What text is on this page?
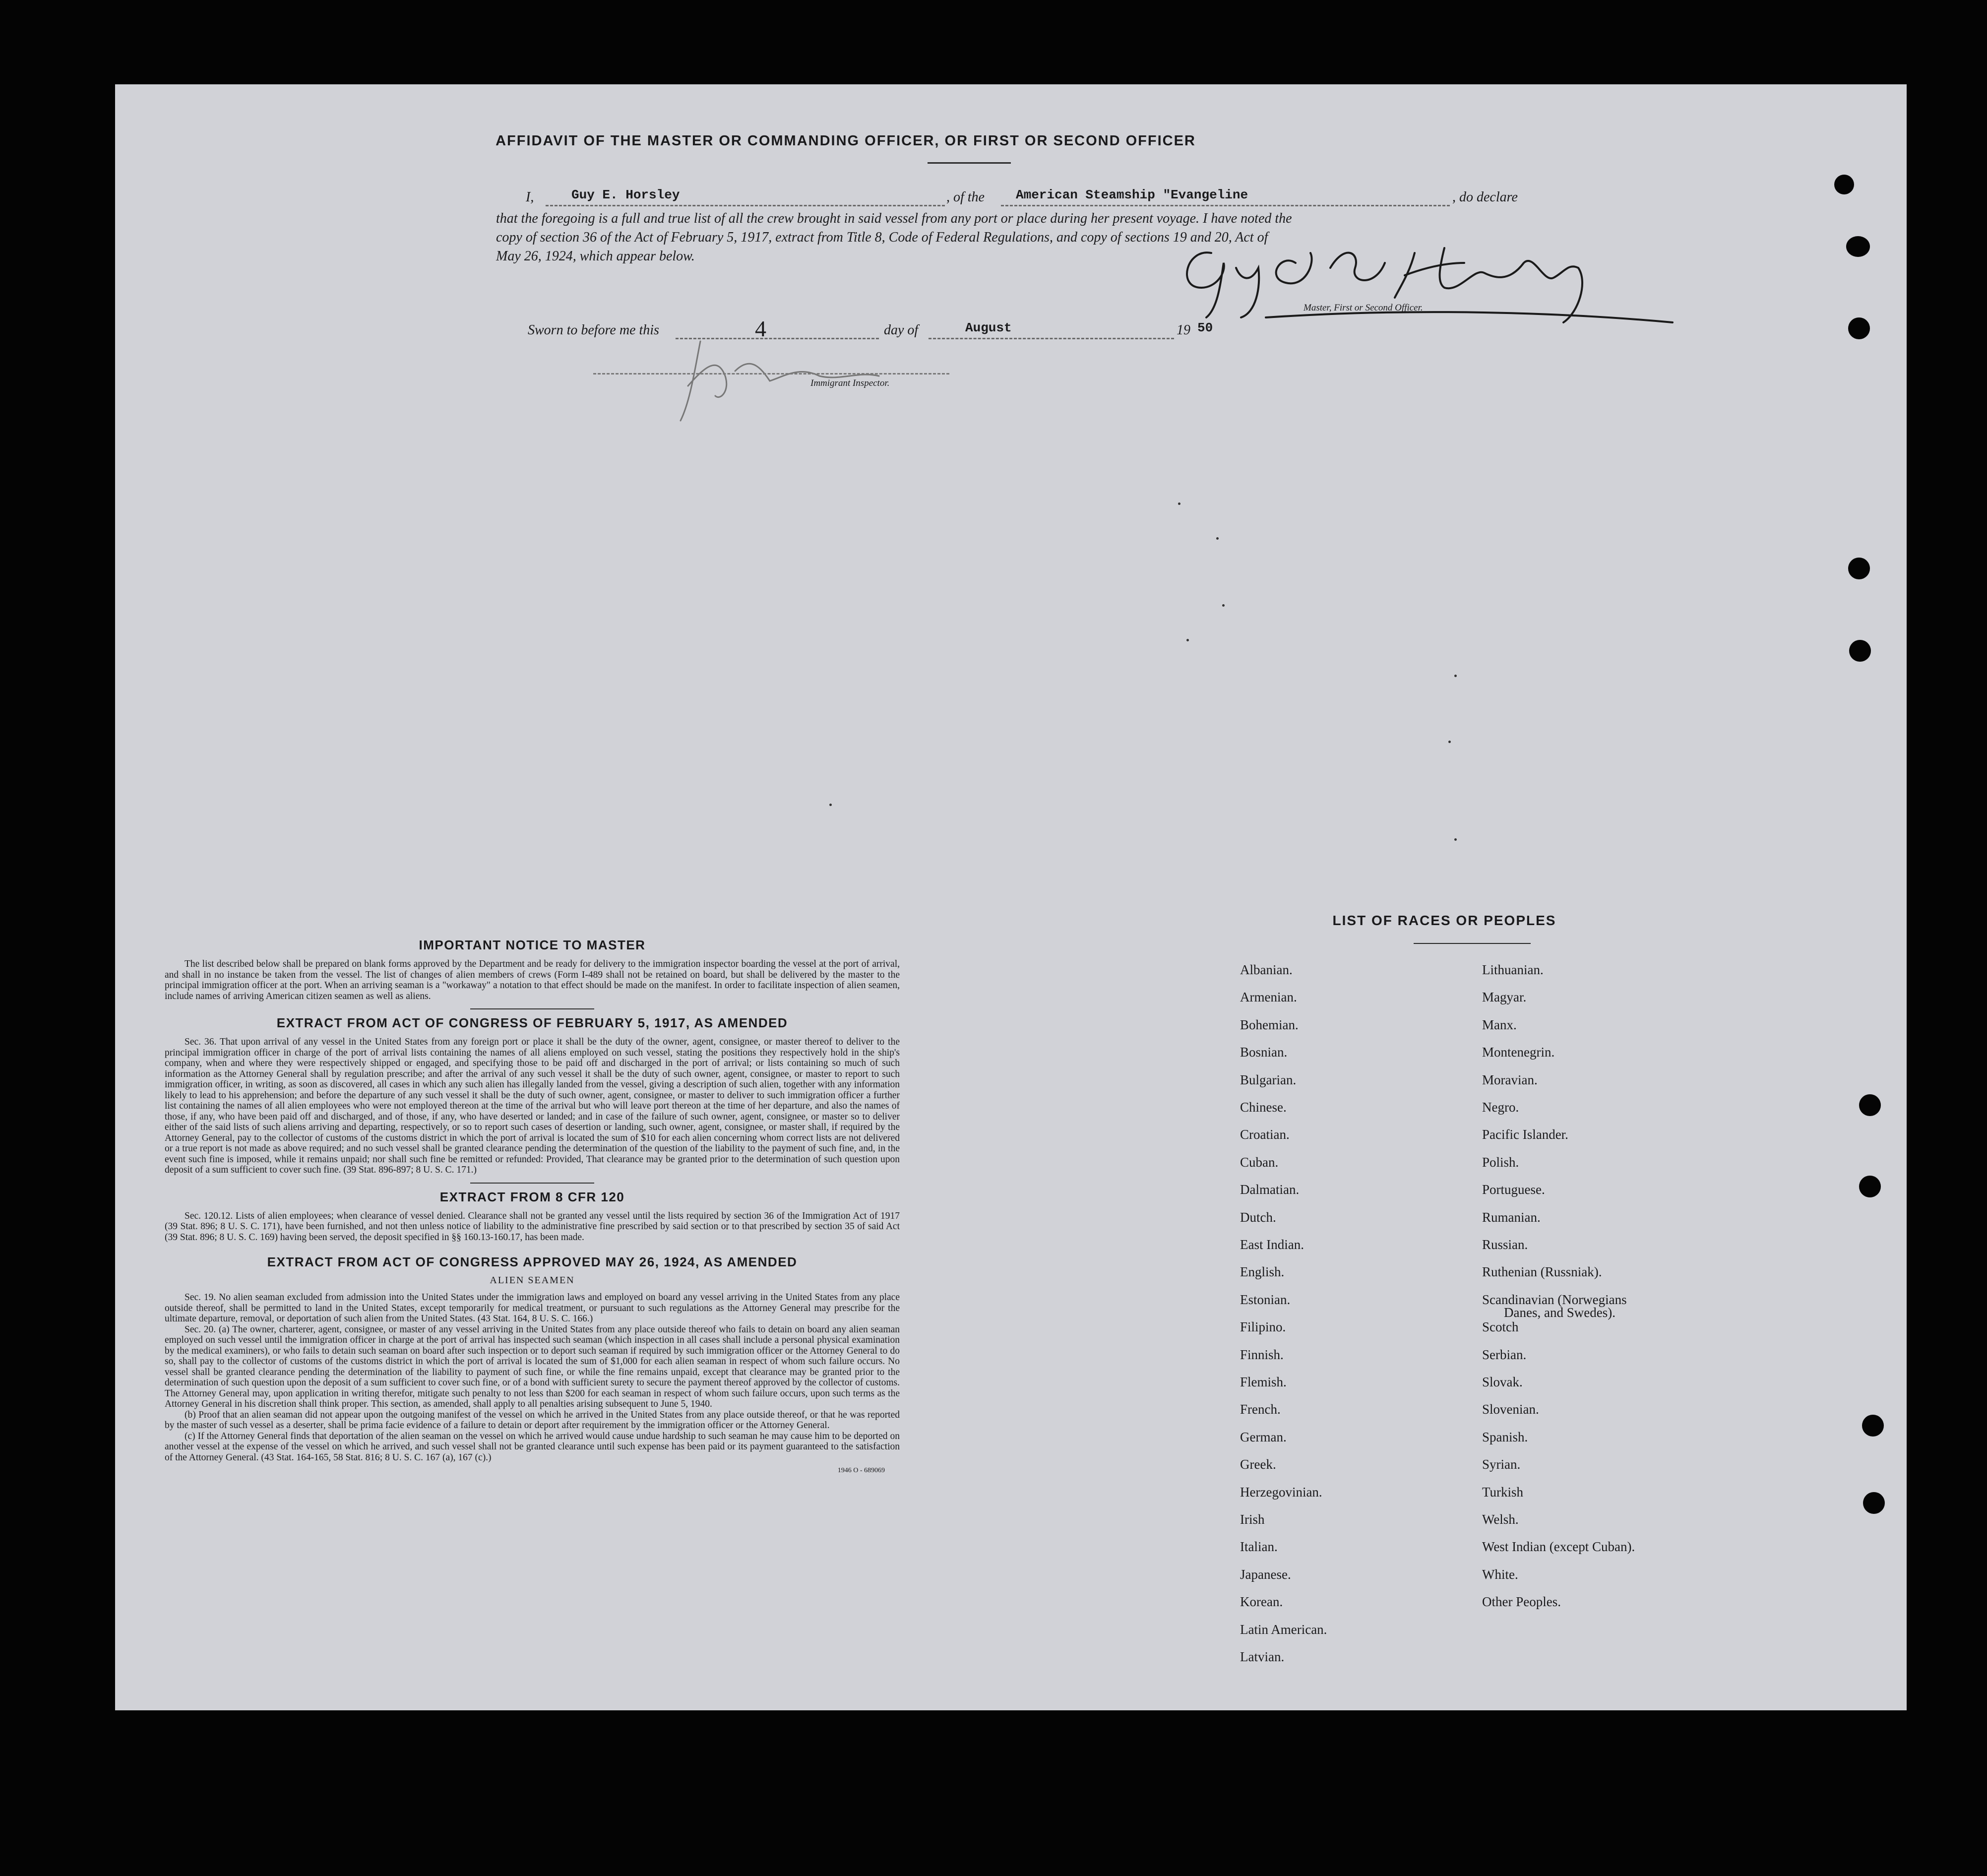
AFFIDAVIT OF THE MASTER OR COMMANDING OFFICER, OR FIRST OR SECOND OFFICER
I,	Guy E. Horsley	, of the American Steamship "Evangeline	, do declare
that the foregoing is a full and true list of all the crew brought in said vessel from any port or place during her present voyage. I have noted the
copy of section 36 of the Act of February 5, 1917, extract from Title 8, Code of Federal Regulations, and copy of sections 19 and 20, Act of
May 26, 1924, which appear below.
Master, First or Second Officer.
Sworn to before me this	4	day of	August	19 50
Immigrant Inspector.
IMPORTANT NOTICE TO MASTER
The list described below shall be prepared on blank forms approved by the Department and be ready for delivery to the immigration inspector boarding the vessel at the port of arrival, and shall in no instance be taken from the vessel. The list of changes of alien members of crews (Form I-489 shall not be retained on board, but shall be delivered by the master to the principal immigration officer at the port. When an arriving seaman is a "workaway" a notation to that effect should be made on the manifest. In order to facilitate inspection of alien seamen, include names of arriving American citizen seamen as well as aliens.
EXTRACT FROM ACT OF CONGRESS OF FEBRUARY 5, 1917, AS AMENDED
Sec. 36. That upon arrival of any vessel in the United States from any foreign port or place it shall be the duty of the owner, agent, consignee, or master thereof to deliver to the principal immigration officer in charge of the port of arrival lists containing the names of all aliens employed on such vessel, stating the positions they respectively hold in the ship's company, when and where they were respectively shipped or engaged, and specifying those to be paid off and discharged in the port of arrival; or lists containing so much of such information as the Attorney General shall by regulation prescribe; and after the arrival of any such vessel it shall be the duty of such owner, agent, consignee, or master to report to such immigration officer, in writing, as soon as discovered, all cases in which any such alien has illegally landed from the vessel, giving a description of such alien, together with any information likely to lead to his apprehension; and before the departure of any such vessel it shall be the duty of such owner, agent, consignee, or master to deliver to such immigration officer a further list containing the names of all alien employees who were not employed thereon at the time of the arrival but who will leave port thereon at the time of her departure, and also the names of those, if any, who have been paid off and discharged, and of those, if any, who have deserted or landed; and in case of the failure of such owner, agent, consignee, or master so to deliver either of the said lists of such aliens arriving and departing, respectively, or so to report such cases of desertion or landing, such owner, agent, consignee, or master shall, if required by the Attorney General, pay to the collector of customs of the customs district in which the port of arrival is located the sum of $10 for each alien concerning whom correct lists are not delivered or a true report is not made as above required; and no such vessel shall be granted clearance pending the determination of the question of the liability to the payment of such fine, and, in the event such fine is imposed, while it remains unpaid; nor shall such fine be remitted or refunded: Provided, That clearance may be granted prior to the determination of such question upon deposit of a sum sufficient to cover such fine. (39 Stat. 896-897; 8 U. S. C. 171.)
EXTRACT FROM 8 CFR 120
Sec. 120.12. Lists of alien employees; when clearance of vessel denied. Clearance shall not be granted any vessel until the lists required by section 36 of the Immigration Act of 1917 (39 Stat. 896; 8 U. S. C. 171), have been furnished, and not then unless notice of liability to the administrative fine prescribed by said section or to that prescribed by section 35 of said Act (39 Stat. 896; 8 U. S. C. 169) having been served, the deposit specified in §§ 160.13-160.17, has been made.
EXTRACT FROM ACT OF CONGRESS APPROVED MAY 26, 1924, AS AMENDED
ALIEN SEAMEN
Sec. 19. No alien seaman excluded from admission into the United States under the immigration laws and employed on board any vessel arriving in the United States from any place outside thereof, shall be permitted to land in the United States, except temporarily for medical treatment, or pursuant to such regulations as the Attorney General may prescribe for the ultimate departure, removal, or deportation of such alien from the United States. (43 Stat. 164, 8 U. S. C. 166.)
Sec. 20. (a) The owner, charterer, agent, consignee, or master of any vessel arriving in the United States from any place outside thereof who fails to detain on board any alien seaman employed on such vessel until the immigration officer in charge at the port of arrival has inspected such seaman (which inspection in all cases shall include a personal physical examination by the medical examiners), or who fails to detain such seaman on board after such inspection or to deport such seaman if required by such immigration officer or the Attorney General to do so, shall pay to the collector of customs of the customs district in which the port of arrival is located the sum of $1,000 for each alien seaman in respect of whom such failure occurs. No vessel shall be granted clearance pending the determination of the liability to payment of such fine, or while the fine remains unpaid, except that clearance may be granted prior to the determination of such question upon the deposit of a sum sufficient to cover such fine, or of a bond with sufficient surety to secure the payment thereof approved by the collector of customs. The Attorney General may, upon application in writing therefor, mitigate such penalty to not less than $200 for each seaman in respect of whom such failure occurs, upon such terms as the Attorney General in his discretion shall think proper. This section, as amended, shall apply to all penalties arising subsequent to June 5, 1940.
(b) Proof that an alien seaman did not appear upon the outgoing manifest of the vessel on which he arrived in the United States from any place outside thereof, or that he was reported by the master of such vessel as a deserter, shall be prima facie evidence of a failure to detain or deport after requirement by the immigration officer or the Attorney General.
(c) If the Attorney General finds that deportation of the alien seaman on the vessel on which he arrived would cause undue hardship to such seaman he may cause him to be deported on another vessel at the expense of the vessel on which he arrived, and such vessel shall not be granted clearance until such expense has been paid or its payment guaranteed to the satisfaction of the Attorney General. (43 Stat. 164-165, 58 Stat. 816; 8 U. S. C. 167 (a), 167 (c).)
1946 O - 689069
LIST OF RACES OR PEOPLES
Albanian.
Armenian.
Bohemian.
Bosnian.
Bulgarian.
Chinese.
Croatian.
Cuban.
Dalmatian.
Dutch.
East Indian.
English.
Estonian.
Filipino.
Finnish.
Flemish.
French.
German.
Greek.
Herzegovinian.
Irish
Italian.
Japanese.
Korean.
Latin American.
Latvian.
Lithuanian.
Magyar.
Manx.
Montenegrin.
Moravian.
Negro.
Pacific Islander.
Polish.
Portuguese.
Rumanian.
Russian.
Ruthenian (Russniak).
Scandinavian (Norwegians
Danes, and Swedes).
Scotch
Serbian.
Slovak.
Slovenian.
Spanish.
Syrian.
Turkish
Welsh.
West Indian (except Cuban).
White.
Other Peoples.
